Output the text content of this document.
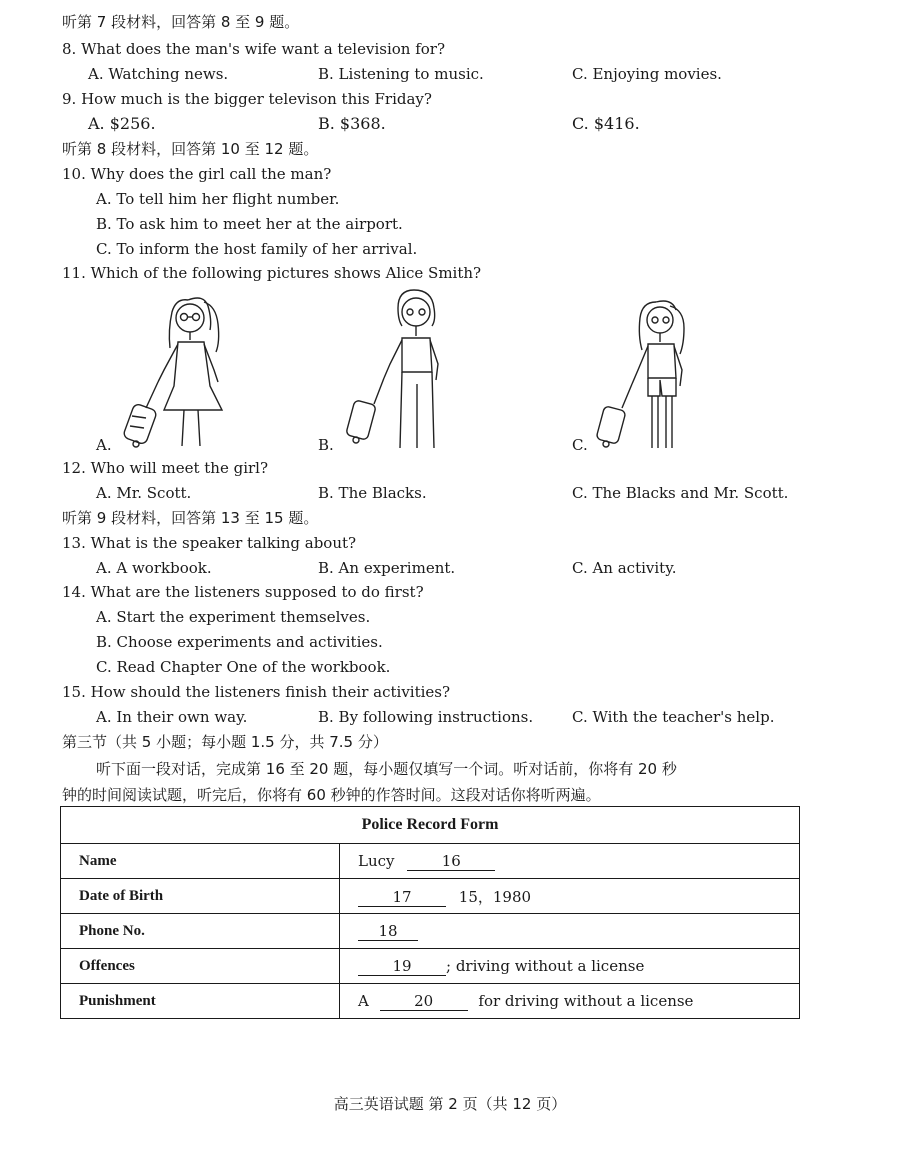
听第 7 段材料，回答第 8 至 9 题。
8. What does the man's wife want a television for?
A. Watching news.	B. Listening to music.	C. Enjoying movies.
9. How much is the bigger televison this Friday?
A. $256.	B. $368.	C. $416.
听第 8 段材料，回答第 10 至 12 题。
10. Why does the girl call the man?
A. To tell him her flight number.
B. To ask him to meet her at the airport.
C. To inform the host family of her arrival.
11. Which of the following pictures shows Alice Smith?
A.	B.	C.
12. Who will meet the girl?
A. Mr. Scott.	B. The Blacks.	C. The Blacks and Mr. Scott.
听第 9 段材料，回答第 13 至 15 题。
13. What is the speaker talking about?
A. A workbook.	B. An experiment.	C. An activity.
14. What are the listeners supposed to do first?
A. Start the experiment themselves.
B. Choose experiments and activities.
C. Read Chapter One of the workbook.
15. How should the listeners finish their activities?
A. In their own way.	B. By following instructions.	C. With the teacher's help.
第三节（共 5 小题；每小题 1.5 分，共 7.5 分）
听下面一段对话，完成第 16 至 20 题，每小题仅填写一个词。听对话前，你将有 20 秒
钟的时间阅读试题，听完后，你将有 60 秒钟的作答时间。这段对话你将听两遍。
Police Record Form	
Name	Lucy 16
Date of Birth	17 15，1980
Phone No.	18
Offences	19 ; driving without a license
Punishment	A 20 for driving without a license
高三英语试题 第 2 页（共 12 页）
